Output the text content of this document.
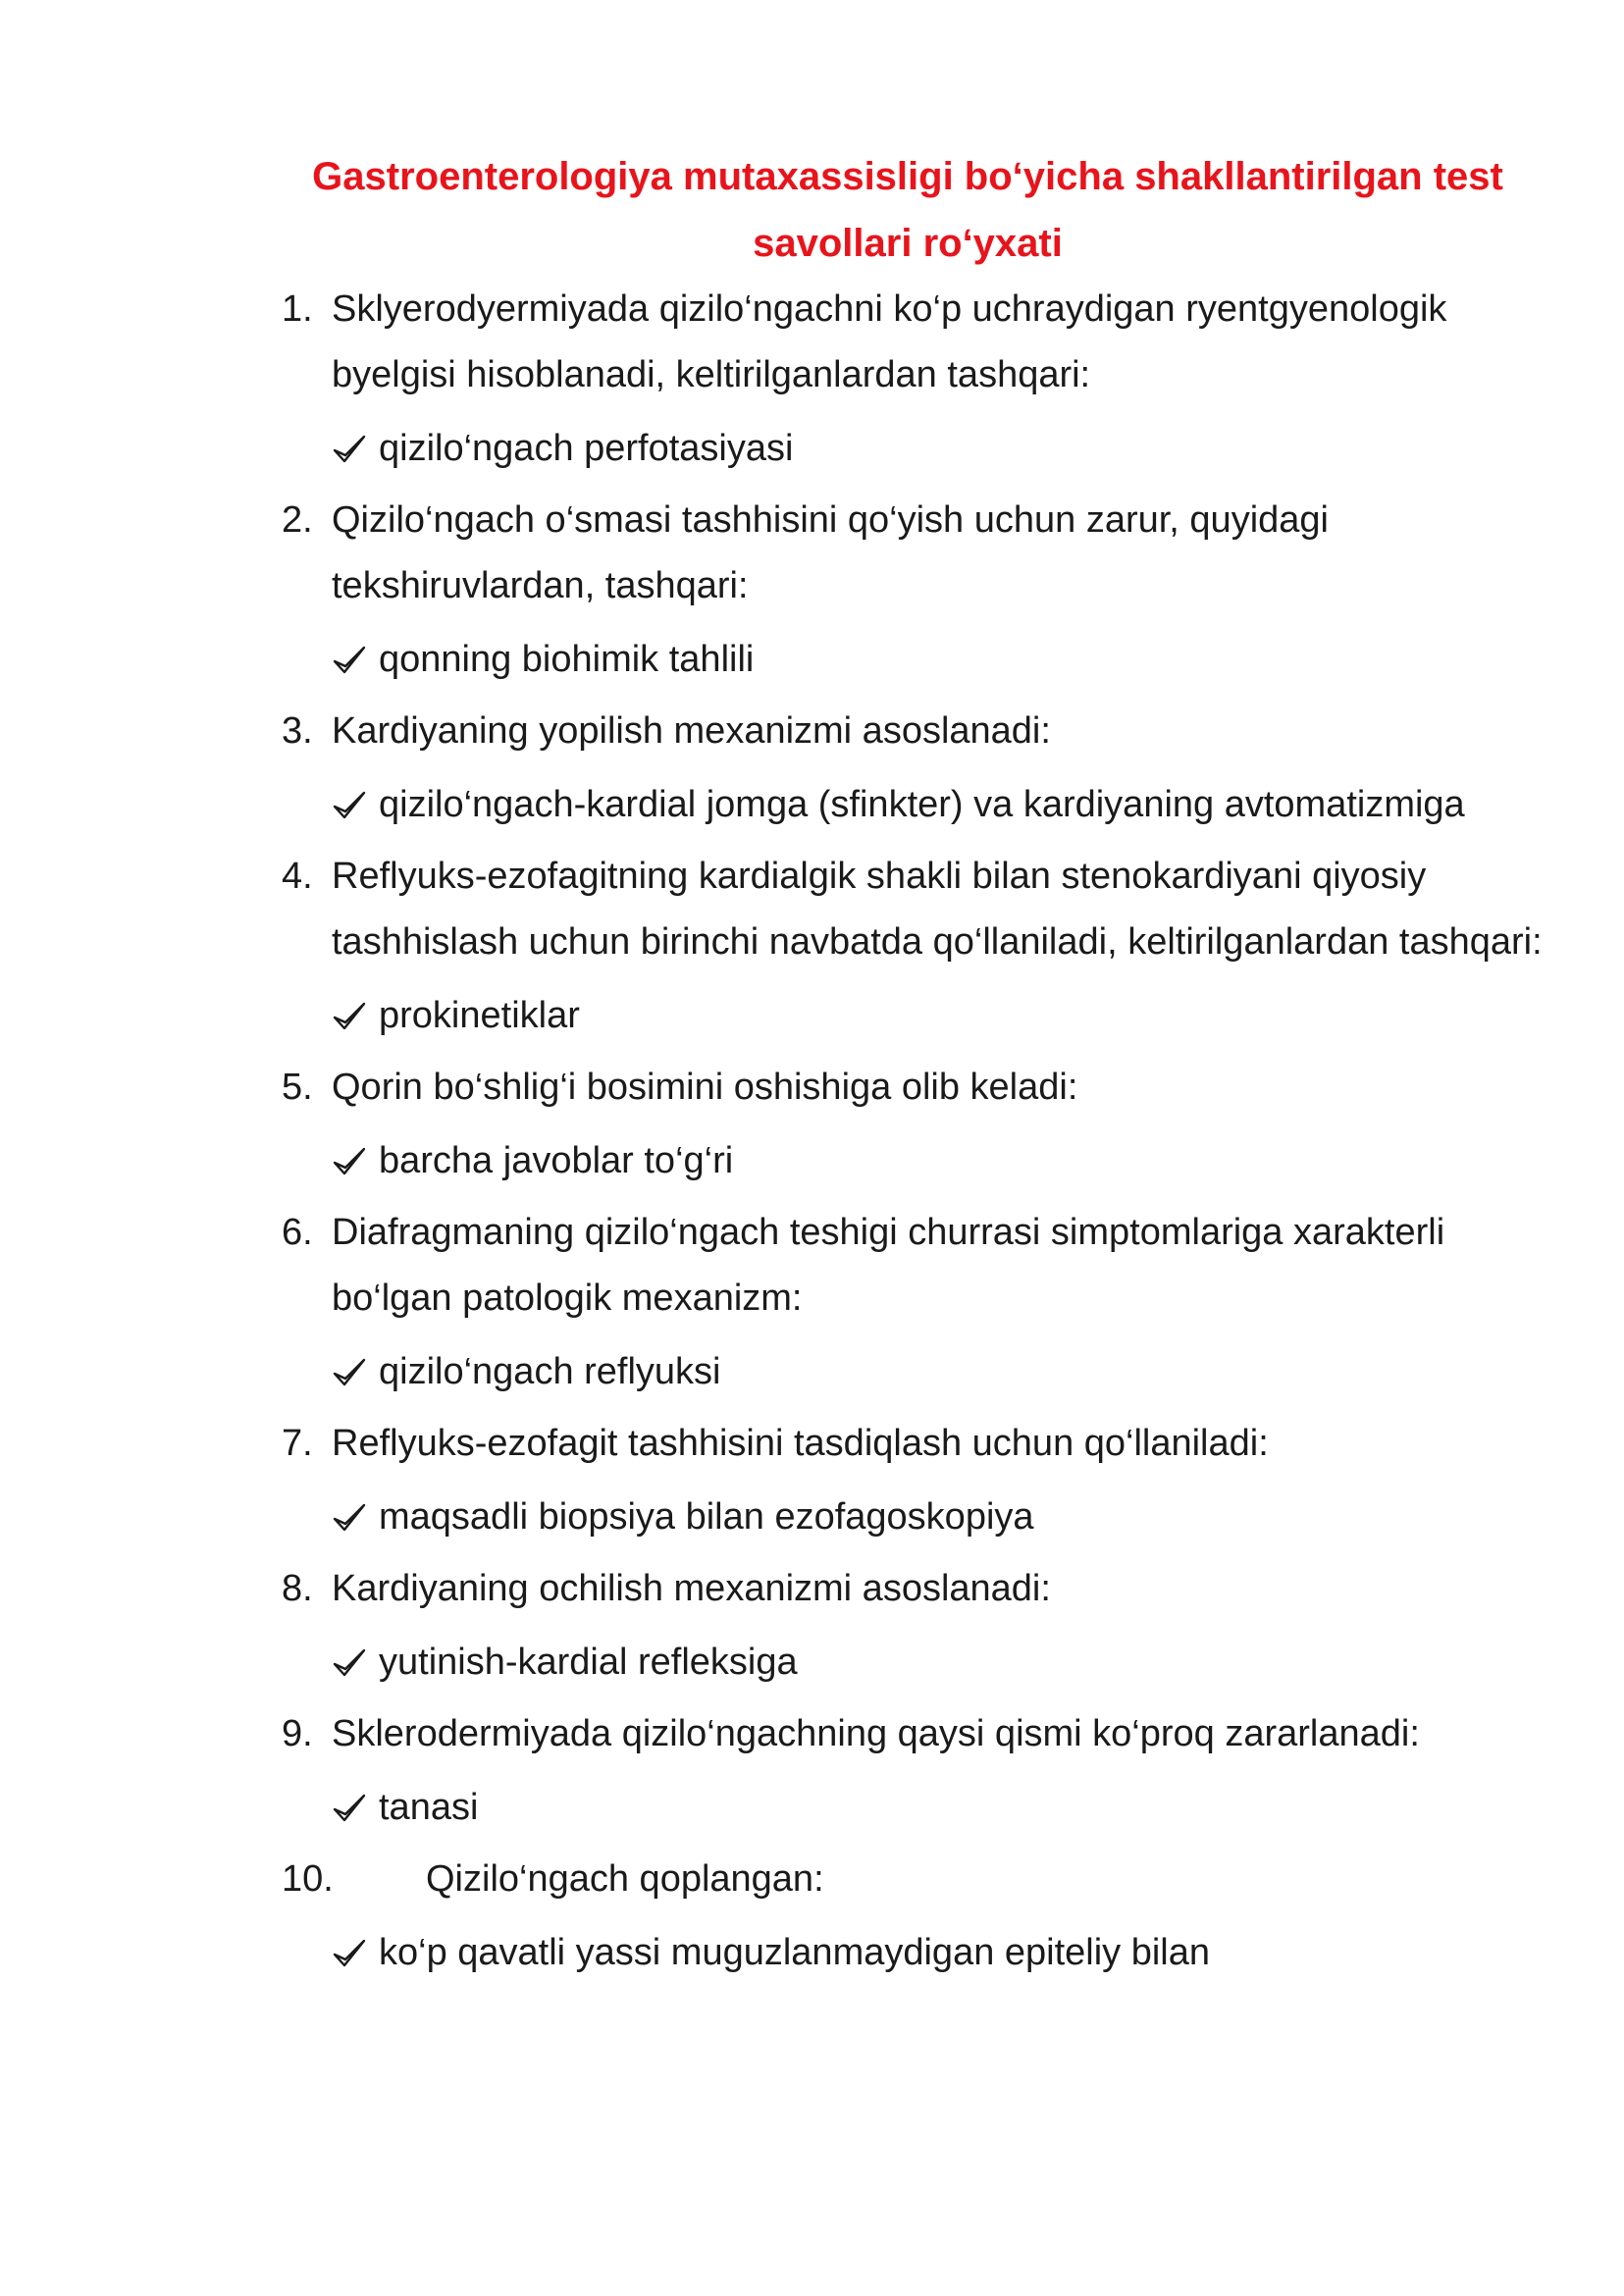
Gastroenterologiya mutaxassisligi bo‘yicha shakllantirilgan test savollari ro‘yxati
1. Sklyerodyermiyada qizilo‘ngachni ko‘p uchraydigan ryentgyenologik byelgisi hisoblanadi, keltirilganlardan tashqari:
qizilo‘ngach perfotasiyasi
2. Qizilo‘ngach o‘smasi tashhisini qo‘yish uchun zarur, quyidagi tekshiruvlardan, tashqari:
qonning biohimik tahlili
3. Kardiyaning yopilish mexanizmi asoslanadi:
qizilo‘ngach-kardial jomga (sfinkter) va kardiyaning avtomatizmiga
4. Reflyuks-ezofagitning kardialgik shakli bilan stenokardiyani qiyosiy tashhislash uchun birinchi navbatda qo‘llaniladi, keltirilganlardan tashqari:
prokinetiklar
5. Qorin bo‘shlig‘i bosimini oshishiga olib keladi:
barcha javoblar to‘g‘ri
6. Diafragmaning qizilo‘ngach teshigi churrasi simptomlariga xarakterli bo‘lgan patologik mexanizm:
qizilo‘ngach reflyuksi
7. Reflyuks-ezofagit tashhisini tasdiqlash uchun qo‘llaniladi:
maqsadli biopsiya bilan ezofagoskopiya
8. Kardiyaning ochilish mexanizmi asoslanadi:
yutinish-kardial refleksiga
9. Sklerodermiyada qizilo‘ngachning qaysi qismi ko‘proq zararlanadi:
tanasi
10. Qizilo‘ngach qoplangan:
ko‘p qavatli yassi muguzlanmaydigan epiteliy bilan
